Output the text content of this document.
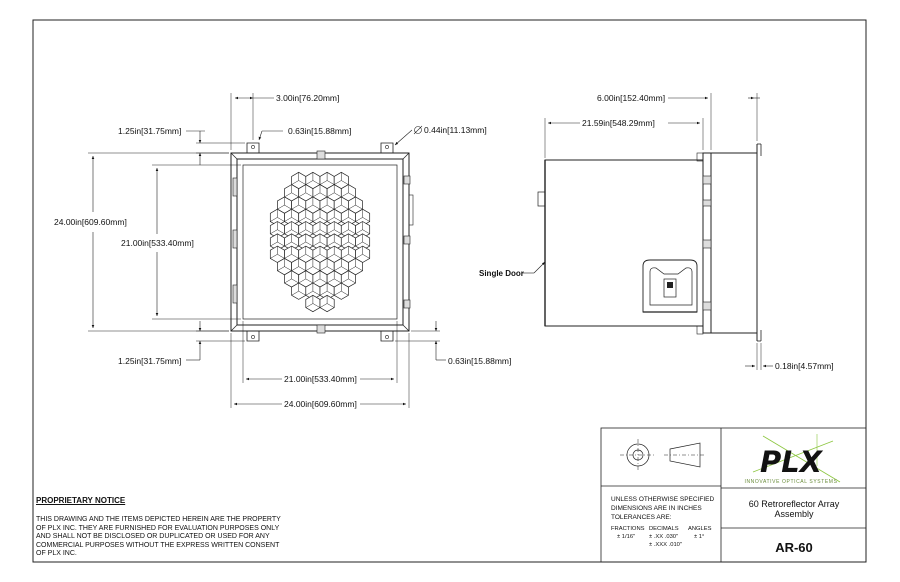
3.00in[76.20mm]
1.25in[31.75mm]	0.63in[15.88mm]	0.44in[11.13mm]
24.00in[609.60mm]
21.00in[533.40mm]
1.25in[31.75mm]	0.63in[15.88mm]
21.00in[533.40mm]
24.00in[609.60mm]
6.00in[152.40mm]
21.59in[548.29mm]
0.18in[4.57mm]
Single Door
PLX
INNOVATIVE OPTICAL SYSTEMS
UNLESS OTHERWISE SPECIFIED
DIMENSIONS ARE IN INCHES
TOLERANCES ARE:
FRACTIONS
± 1/16"
DECIMALS
± .XX .030"
± .XXX .010"
ANGLES
± 1°
60 Retroreflector Array
Assembly
AR-60
PROPRIETARY NOTICE
THIS DRAWING AND THE ITEMS DEPICTED HEREIN ARE THE PROPERTY OF PLX INC. THEY ARE FURNISHED FOR EVALUATION PURPOSES ONLY AND SHALL NOT BE DISCLOSED OR DUPLICATED OR USED FOR ANY COMMERCIAL PURPOSES WITHOUT THE EXPRESS WRITTEN CONSENT OF PLX INC.
